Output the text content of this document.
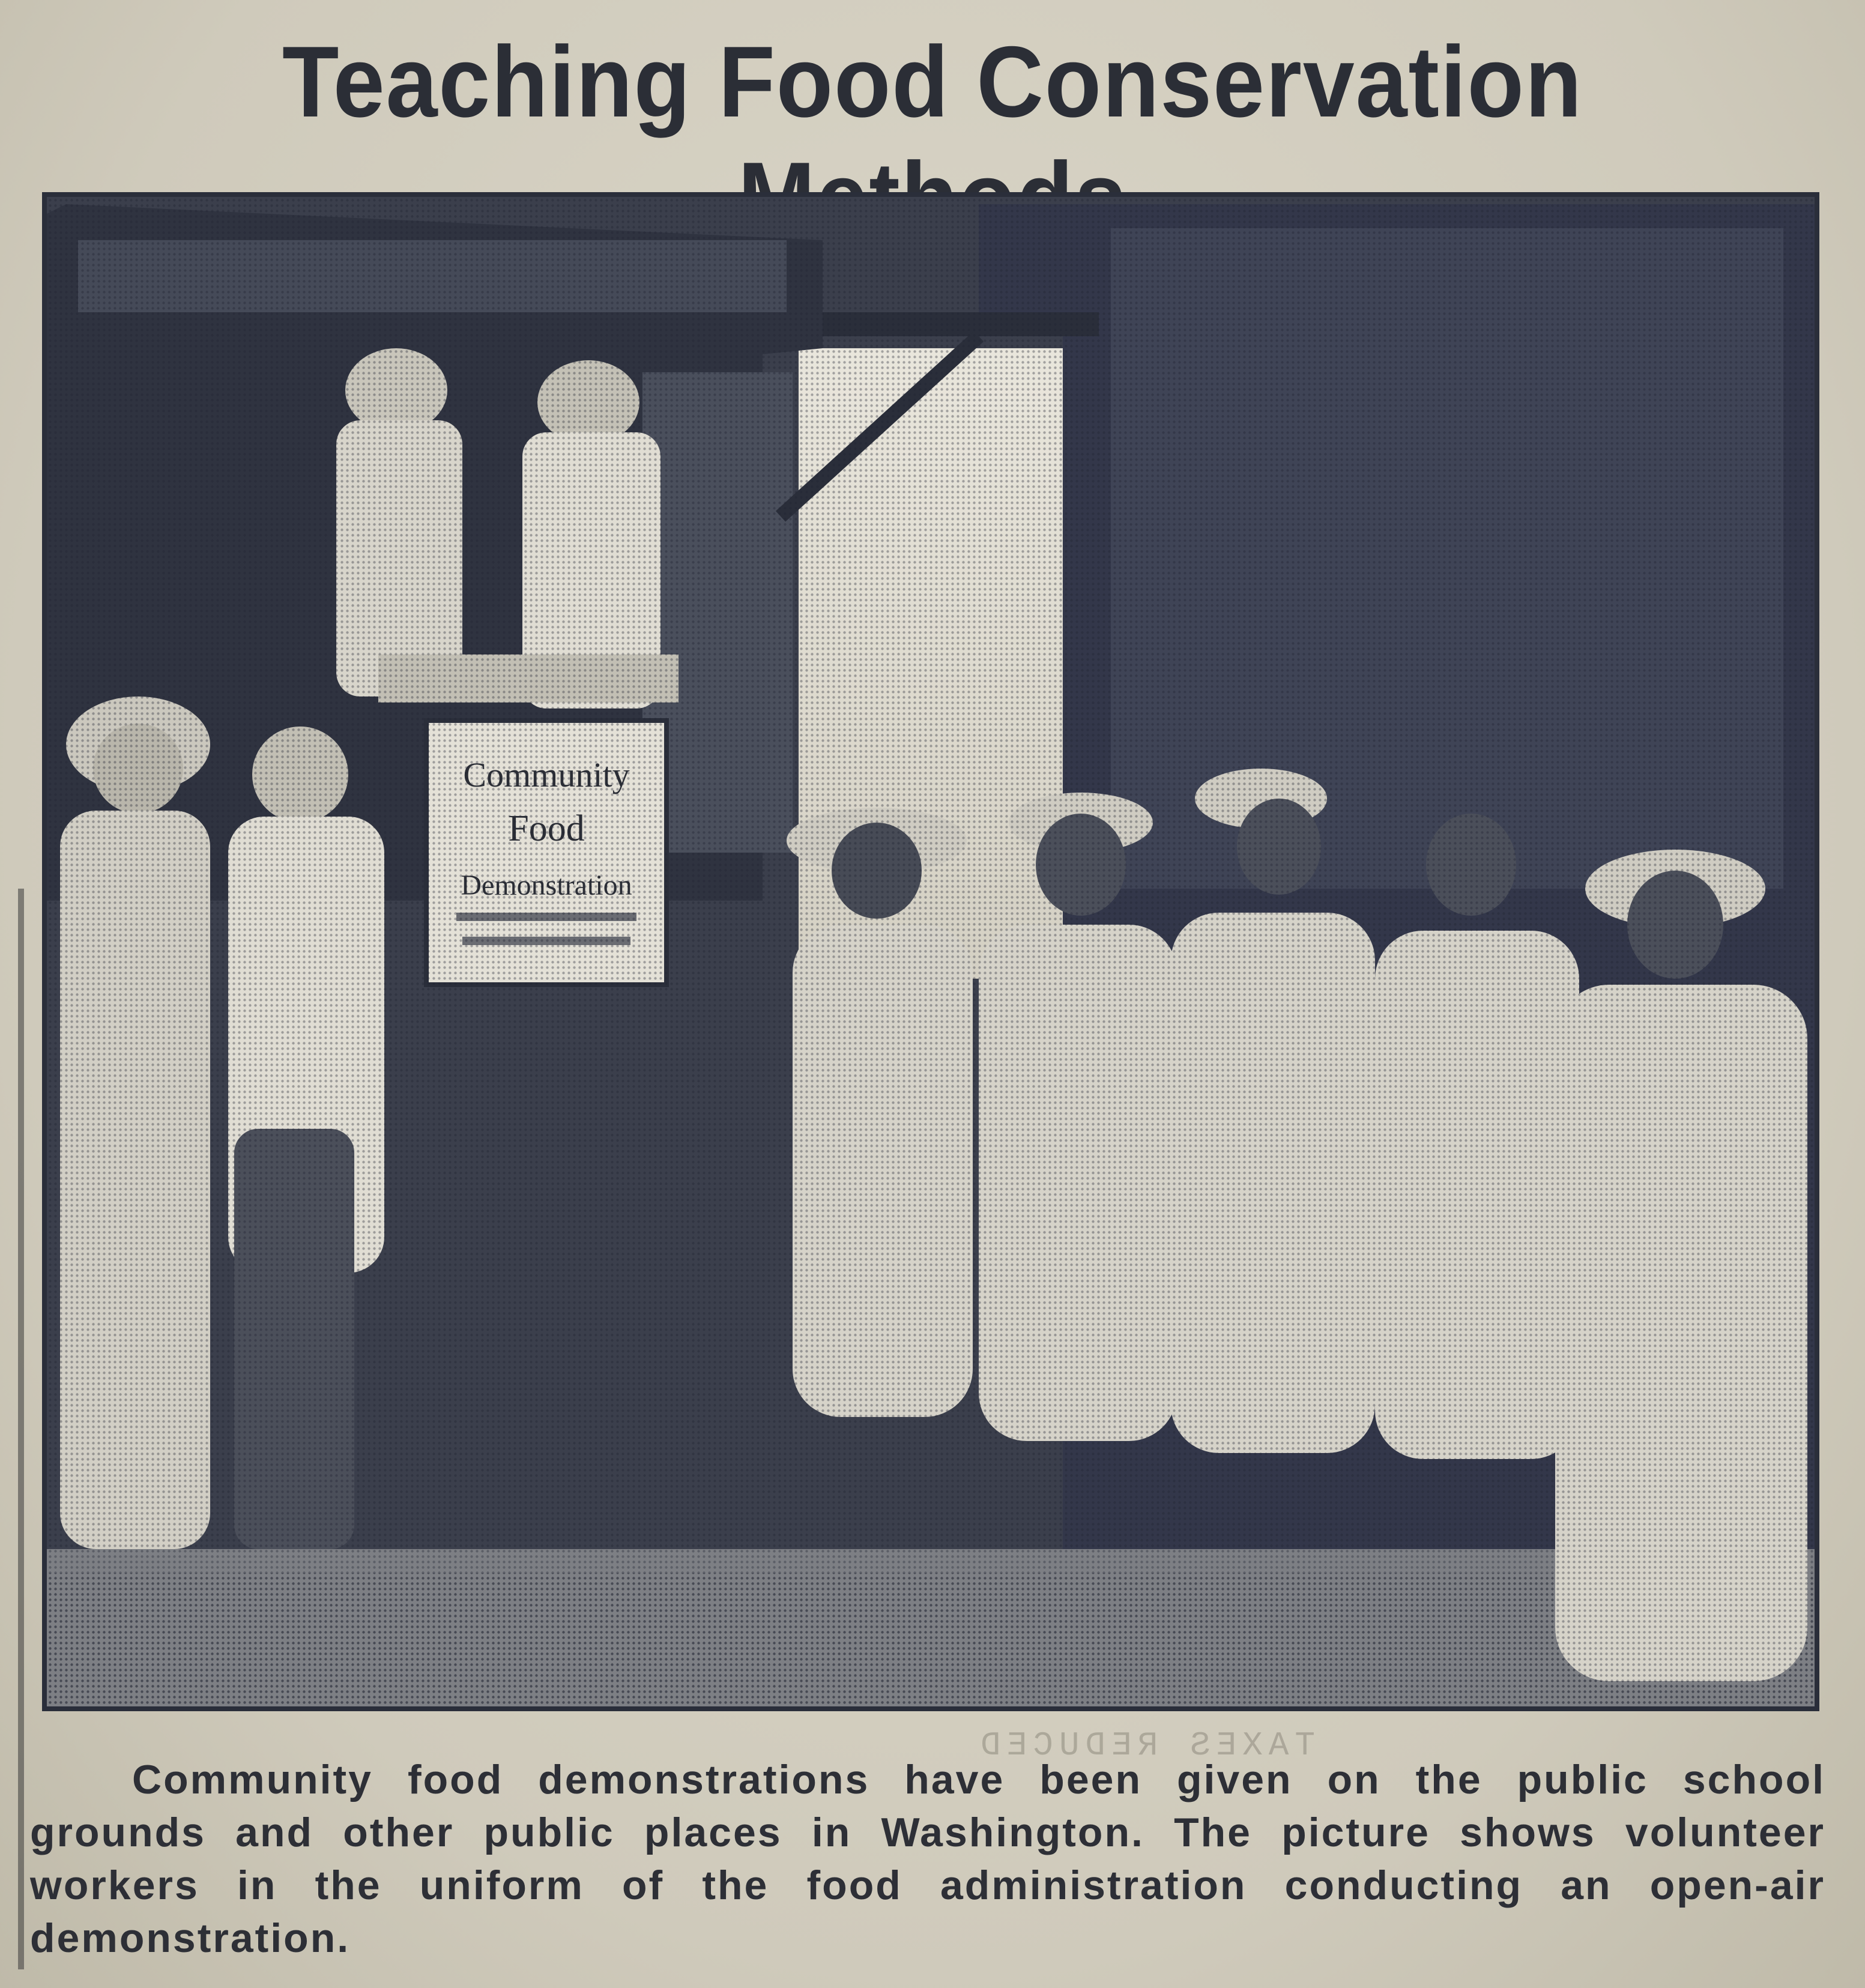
Teaching Food Conservation
TAXES REDUCED

Community food demonstrations have been given on the public school grounds and other public places in Washington. The picture shows volunteer workers in the uniform of the food administration conducting an open-air demonstration.
